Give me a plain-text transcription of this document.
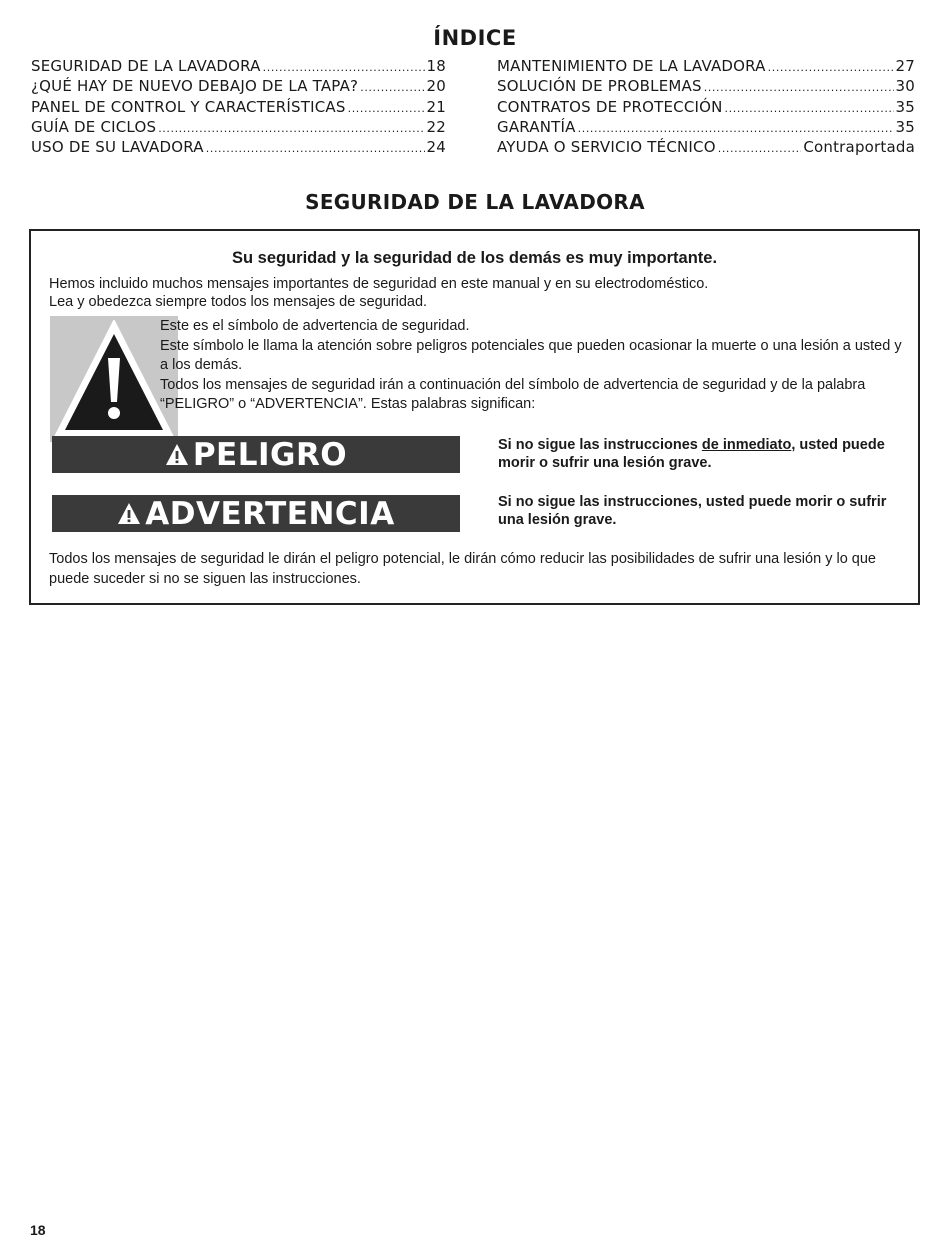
ÍNDICE
SEGURIDAD DE LA LAVADORA .....	18
¿QUÉ HAY DE NUEVO DEBAJO DE LA TAPA? .....	20
PANEL DE CONTROL Y CARACTERÍSTICAS .....	21
GUÍA DE CICLOS .....	22
USO DE SU LAVADORA .....	24
MANTENIMIENTO DE LA LAVADORA .....	27
SOLUCIÓN DE PROBLEMAS .....	30
CONTRATOS DE PROTECCIÓN .....	35
GARANTÍA .....	35
AYUDA O SERVICIO TÉCNICO .....	Contraportada
SEGURIDAD DE LA LAVADORA
Su seguridad y la seguridad de los demás es muy importante.
Hemos incluido muchos mensajes importantes de seguridad en este manual y en su electrodoméstico.
Lea y obedezca siempre todos los mensajes de seguridad.
Este es el símbolo de advertencia de seguridad.
Este símbolo le llama la atención sobre peligros potenciales que pueden ocasionar la muerte o una lesión a usted y a los demás.
Todos los mensajes de seguridad irán a continuación del símbolo de advertencia de seguridad y de la palabra “PELIGRO” o “ADVERTENCIA”. Estas palabras significan:
PELIGRO	Si no sigue las instrucciones de inmediato, usted puede morir o sufrir una lesión grave.
ADVERTENCIA	Si no sigue las instrucciones, usted puede morir o sufrir una lesión grave.
Todos los mensajes de seguridad le dirán el peligro potencial, le dirán cómo reducir las posibilidades de sufrir una lesión y lo que puede suceder si no se siguen las instrucciones.
18
